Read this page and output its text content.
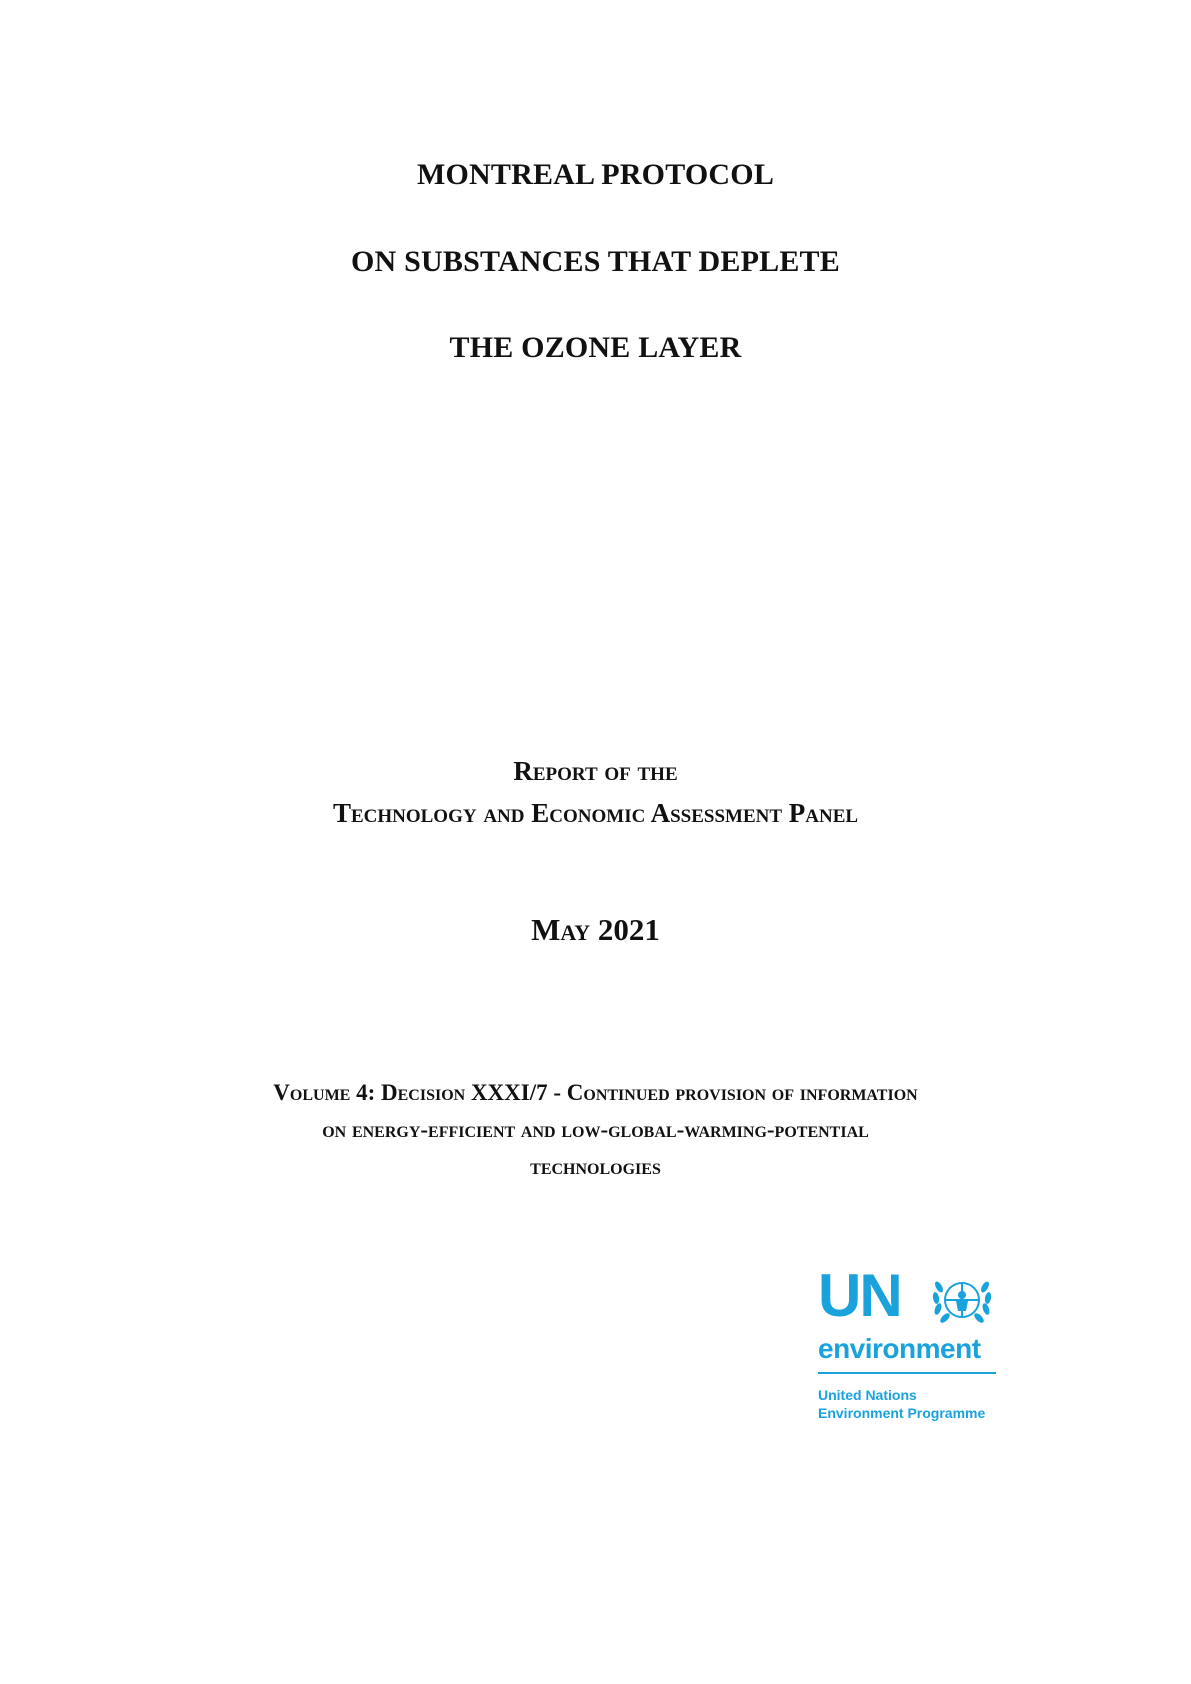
MONTREAL PROTOCOL

ON SUBSTANCES THAT DEPLETE

THE OZONE LAYER

Report of the

Technology and Economic Assessment Panel

May 2021

Volume 4: Decision XXXI/7 - Continued provision of information

on energy-efficient and low-global-warming-potential

technologies

UN
environment
United Nations
Environment Programme
